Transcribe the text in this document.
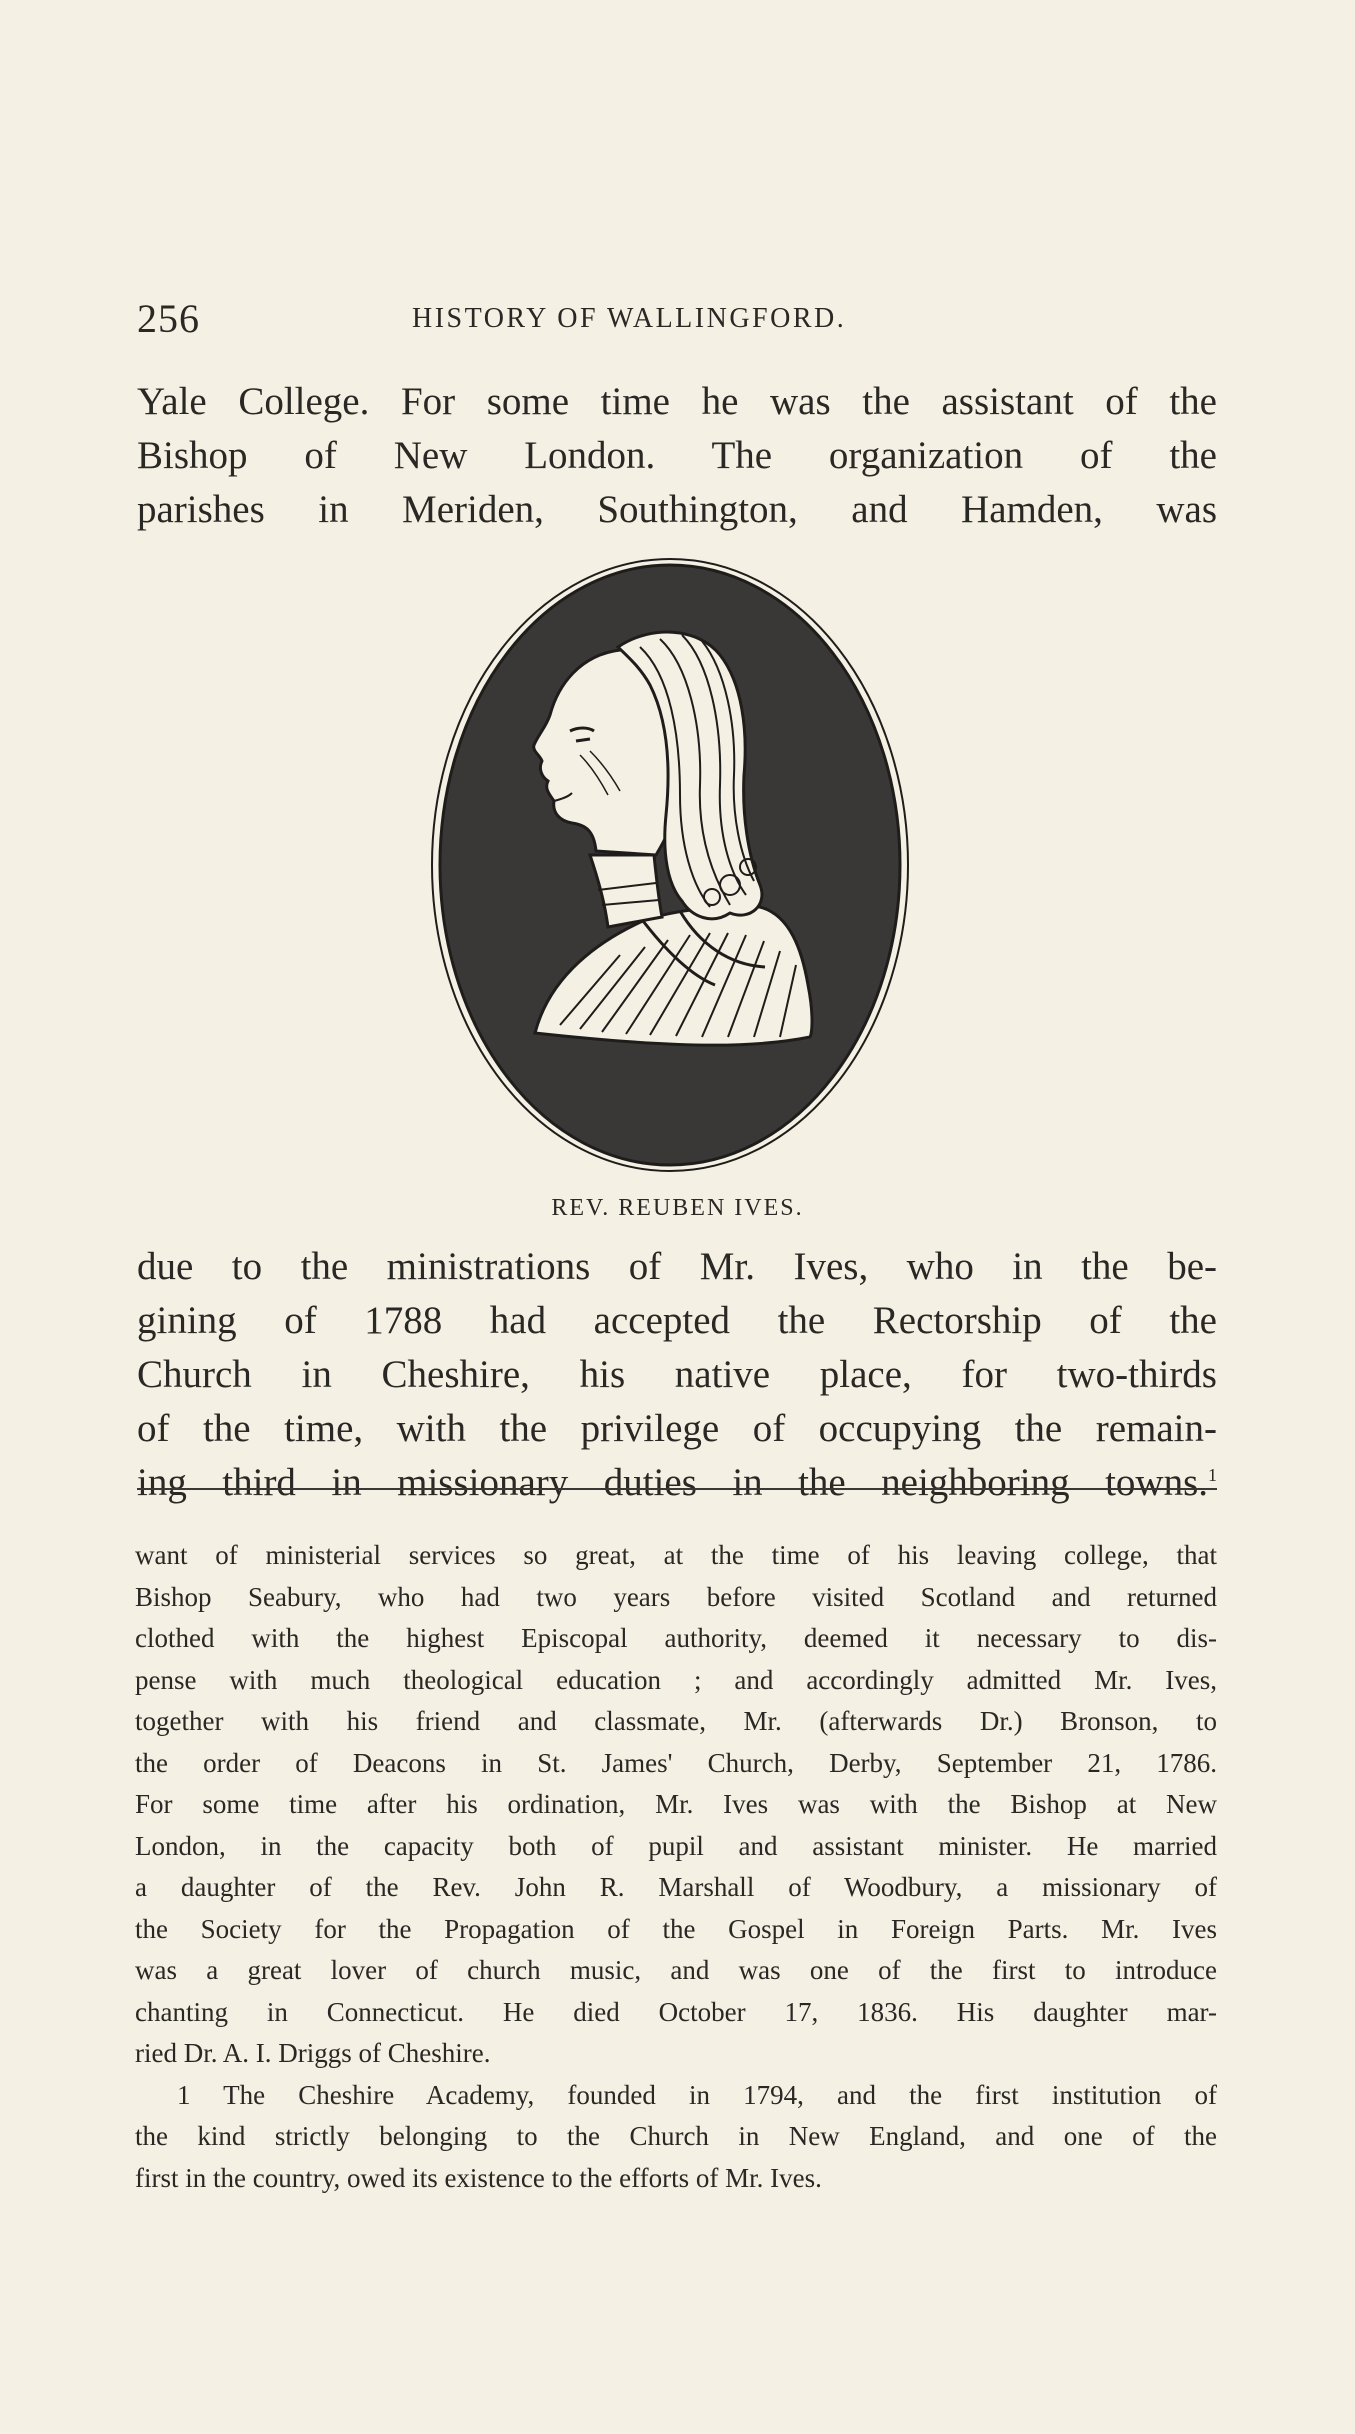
256	HISTORY OF WALLINGFORD.
Yale College. For some time he was the assistant of the
Bishop of New London. The organization of the
parishes in Meriden, Southington, and Hamden, was
REV. REUBEN IVES.
due to the ministrations of Mr. Ives, who in the be-
gining of 1788 had accepted the Rectorship of the
Church in Cheshire, his native place, for two-thirds
of the time, with the privilege of occupying the remain-
ing third in missionary duties in the neighboring towns.$^1$
want of ministerial services so great, at the time of his leaving college, that
Bishop Seabury, who had two years before visited Scotland and returned
clothed with the highest Episcopal authority, deemed it necessary to dis-
pense with much theological education ; and accordingly admitted Mr. Ives,
together with his friend and classmate, Mr. (afterwards Dr.) Bronson, to
the order of Deacons in St. James' Church, Derby, September 21, 1786.
For some time after his ordination, Mr. Ives was with the Bishop at New
London, in the capacity both of pupil and assistant minister. He married
a daughter of the Rev. John R. Marshall of Woodbury, a missionary of
the Society for the Propagation of the Gospel in Foreign Parts. Mr. Ives
was a great lover of church music, and was one of the first to introduce
chanting in Connecticut. He died October 17, 1836. His daughter mar-
ried Dr. A. I. Driggs of Cheshire.
1 The Cheshire Academy, founded in 1794, and the first institution of
the kind strictly belonging to the Church in New England, and one of the
first in the country, owed its existence to the efforts of Mr. Ives.
